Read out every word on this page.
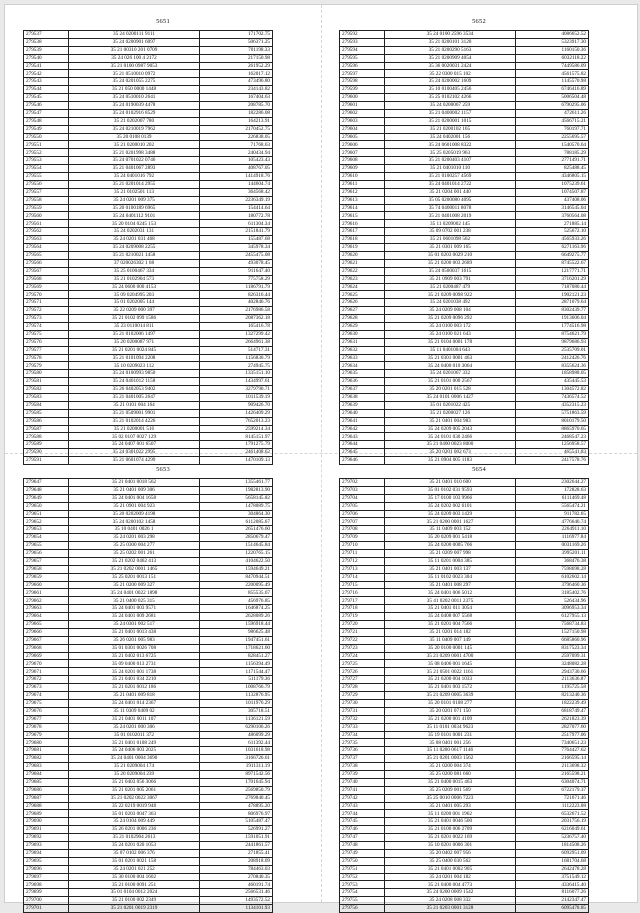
5651
279537	35 24 0200111 9111	171702.75
279538	35 24 0200901 6097	506371.25
279539	35 21 00310 201 0709	701198.33
279540	35 24 026 100 4 2172	217150.98
279541	35 21 0100 0987 9053	261952.29
279542	35 21 0510010 0972	162017.12
279543	35 24 0201055 2275	473496.80
279544	35 21 050 0000 1448	234143.82
279545	35 24 0510010 2641	167404.63
279546	35 24 0190039 4478	208785.70
279547	35 24 0102916 8529	182286.08
279548	35 21 0202007 780	164213.91
279549	35 24 0210019 7962	2170452.75
279550	35 20 0108 0139	226838.05
279551	35 21 0200010 202	71768.63
279552	35 21 0201998 3488	240434.94
279553	35 24 0701022 0746	105423.43
279554	35 21 0401067 2893	408767.05
279555	35 24 0401016 792	1414918.76
279556	35 21 0201014 2955	144604.74
279557	35 21 0102501 113	364568.42
279558	35 24 0201 009 375	2236349.19
279559	35 20 0100189 6965	154414.64
279560	35 24 0401112 9101	180772.78
279561	35 20 0104 0245 153	611304.34
279562	35 24 0202031 131	2151841.79
279563	35 24 0201 031 468	155487.68
279564	35 24 0209008 2255	345978.34
279565	35 21 0210021 1458	2455475.08
279566	37 020026302 1 68	493078.45
279567	35 25 0100467 334	911647.40
279568	35 21 0102904 573	775758.29
279569	35 24 0600 000 4153	1186791.79
279570	35 09 0204995 203	826316.44
279571	35 01 0202005 144	402846.76
279572	35 22 0209 000 397	2176986.58
279573	35 21 0102 099 1586	2087362.18
279574	35 23 0110014 811	165416.78
279575	35 21 0102006 1497	1327299.42
279576	35 20 0200087 971	2664961.38
279577	35 21 0201 0024 845	514717.31
279578	35 21 0101094 2208	1156830.79
279579	35 10 0209023 112	274945.75
279580	35 24 0100993 9850	1335151.10
279581	35 24 0401012 1158	1434997.61
279582	35 26 0402053 9402	3279790.71
279583	35 21 0401005 2647	1011539.19
279584	35 21 0101 004 164	909426.70
279585	35 21 0509001 9901	1426409.29
279586	35 21 0102014 4226	7652013.23
279587	35 21 0200001 516	2599214.34
279588	35 02 0107 0027 129	8145151.97
279589	35 24 0407 001 6507	1791275.79
279590	35 24 0301022 2995	2461408.62
279591	35 21 0601074 4299	1470109.13
5652
279592	35 24 0100 2596 3534	4086652.52
279593	35 21 0200101 3120	5323917.30
279594	35 21 0200290 5163	1160150.36
279595	35 21 0200909 4054	6032118.22
279596	35 36 0020031 2424	7449586.09
279597	35 22 0300 015 102	4561575.82
279598	35 24 0200002 1609	1145570.98
279599	35 10 0100405 2456	6746416.89
279600	35 25 0102102 4266	5006504.48
279601	35 24 0200067 259	6790295.06
279602	35 21 0400002 1157	472611.26
279603	35 21 0200001 1015	4566715.21
279604	35 21 0200102 165	760197.71
279605	35 24 0402001 156	2255695.57
279606	35 24 0601008 8322	1540570.64
279607	35 25 0205019 963	788185.29
279608	35 21 0200403 4107	2771491.71
279609	35 21 0401010 110	825488.45
279610	35 21 0100257 4569	4346805.15
279611	35 24 0401014 2722	1075239.61
279612	35 21 0204 001 440	1074507.87
279613	35 05 0200080 4095	437408.06
279614	35 74 0400011 8078	3146545.04
279615	35 21 0401008 2019	3760564.08
279616	35 11 0209002 145	271885.14
279617	35 09 0702 001 238	525672.10
279618	35 21 0601098 562	4565933.26
279619	35 21 0301 009 165	6271163.96
279620	35 01 0203 0029 210	6649275.77
279621	35 21 0200 003 2689	8745522.67
279622	35 24 0500037 1615	1217771.71
279623	35 21 0909 003 791	3716201.29
279624	35 21 0200487 479	7187080.44
279625	35 21 0209 0098 922	1902121.23
279626	35 24 0201038 492	2871079.64
279627	35 24 0209 008 104	8302439.77
279628	35 21 0209 0096 292	1913606.04
279629	35 24 0100 003 172	1774516.98
279630	35 24 0100 021 643	8754621.79
279631	35 21 0104 0001 178	9879686.93
279632	35 11 0401004 643	2535709.01
279633	35 21 0301 0001 463	2412426.76
279634	35 24 0400 010 3064	8355624.36
279635	35 24 0201067 332	1858988.05
279636	35 21 0101 000 2567	435445.53
279637	35 20 0201 015 528	1304572.82
279638	35 24 0101 0006 1427	7436574.52
279639	35 01 0201022 425	4352315.23
279640	35 21 0200027 126	5751863.59
279641	35 21 0401 004 983	8010179.50
279642	35 24 0209 005 2043	8865970.65
279643	35 24 0101 030 2466	2468547.23
279644	35 21 0400 0023 8000	1256958.57
279645	35 20 0201 002 673	465541.83
279646	35 21 0904 005 1183	2417578.76
5653
279647	35 21 0401 0018 562	1355461.77
279648	35 21 0401 009 306	1982813.90
279649	35 24 0401 004 1658	5658145.82
279650	35 21 0901 004 923	1478089.75
279651	35 20 0202009 4198	304864.30
279652	35 24 0200102 1458	6112085.67
279653	35 10 0401 0026 1	2651476.60
279654	35 24 0201 003 298	2850679.47
279655	35 25 0300 004 277	1514645.84
279656	35 25 0202 001 261	1220765.15
279657	35 21 0202 0462 413	4104622.50
279658	35 21 0202 0001 1465	1594649.21
279659	35 25 0201 0013 151	8470944.51
279660	35 21 0200 009 327	2200095.49
279661	35 24 0401 0022 1898	855535.67
279662	35 21 0400 025 315	456976.85
279663	35 24 0401 003 9571	1646874.25
279664	35 24 0401 009 2681	2628089.26
279665	35 24 0301 002 517	1596918.44
279666	35 21 0401 0013 438	986625.48
279667	35 26 0201 005 983	1947451.61
279668	35 01 0301 0026 708	1718621.60
279669	35 21 0402 013 6725	828451.27
279670	35 09 0400 013 2731	1156394.49
279671	35 24 0201 001 1738	1171544.47
279672	35 21 0401 034 2210	511179.36
279673	35 21 0201 0012 186	1008766.79
279674	35 21 0401 009 818	1132876.95
279675	35 24 0401 014 2367	1011976.29
279676	35 11 0309 0409 02	305718.51
279677	35 21 0401 0011 107	1136121.59
279678	35 24 0201 000 306	6290106.26
279679	35 01 0102011 372	486099.29
279680	35 21 0401 0108 249	611392.44
279681	35 24 0406 003 2025	1031618.98
279682	35 24 0401 0004 3690	3166726.61
279683	35 21 0209004 174	1911311.19
279684	35 20 0209004 239	8971542.56
279685	35 21 0403 056 3066	1701645.94
279686	35 21 0201 005 2061	2569850.79
279687	35 21 0202 0022 3067	2769840.45
279688	35 22 0219 0019 948	478895.20
279689	35 01 0203 0047 363	806976.97
279690	35 24 0104 009 449	5105487.47
279691	35 26 0201 0006 236	526991.27
279692	35 21 0102904 2613	1591051.91
279693	35 24 0201 020 1053	2441861.57
279694	35 07 0102 006 376	271855.41
279695	35 01 0201 0021 158	208918.09
279696	35 24 0201 021 252	784463.03
279697	35 30 0100 004 1602	270840.35
279698	35 21 0100 0091 251	460191.74
279699	35 01 0104 0012 2024	2566531.46
279700	35 21 0100 002 2349	1493572.52
279701	35 21 0201 0019 2319	1134101.93
5654
279702	35 21 0401 010 600	2302644.27
279703	35 01 0102 031 9593	172828.63
279704	35 17 0100 103 9966	6111469.48
279705	35 24 0202 002 6101	5565474.21
279706	35 24 0209 003 1429	911782.65
279707	35 21 0200 0001 1627	4776646.74
279708	35 11 0409 003 152	2264911.10
279709	35 20 0209 001 5418	1116977.84
279710	35 24 0200 0005 766	0031169.26
279711	35 21 0209 007 998	3995201.11
279712	35 11 0201 0004 385	368476.38
279713	35 21 0401 003 137	7598698.28
279714	35 11 0102 0023 304	6102602.14
279715	35 21 0401 008 297	3796460.36
279716	35 24 0401 006 5012	3185402.76
279717	35 41 0202 0011 2375	526434.96
279718	35 21 0401 011 3054	3096953.34
279719	35 24 0408 007 5568	6127955.13
279720	35 21 0201 004 7566	7568734.83
279721	35 21 0201 014 182	1527150.98
279722	35 11 0409 007 149	6685860.96
279723	35 20 0100 0001 145	8317523.34
279724	35 21 0209 0001 4700	2597099.31
279725	35 08 0406 001 1645	3248082.28
279726	35 21 0501 0022 1161	2943730.66
279727	35 21 0200 004 1033	2113636.87
279728	35 21 0401 003 1572	1195725.58
279729	35 21 0209 0005 3639	8213240.36
279730	35 20 0101 0108 277	1822239.49
279731	35 20 0201 071 150	6818749.47
279732	35 21 0200 001 4109	2621823.39
279733	35 11 0101 0034 9623	2827077.60
279734	35 19 0101 0001 231	2517977.06
279735	35 08 0401 001 256	7340651.23
279736	35 11 0200 0617 1146	7764427.62
279737	35 21 0201 0003 1562	2166595.14
279738	35 21 0200 004 374	2113698.32
279739	35 25 0200 081 660	2165598.21
279740	35 21 0400 0015 463	6304074.71
279741	35 25 0209 001 569	6722179.37
279742	35 25 0010 0006 7223	721671.46
279743	35 21 0401 005 293	1112223.08
279744	35 11 0200 001 1962	6532671.52
279745	35 21 0401 0046 500	2031756.19
279746	35 21 0100 006 2709	6216049.61
279747	35 21 0201 0022 169	5236757.40
279748	35 10 0201 0006 301	1814508.26
279749	35 20 0402 007 956	6092951.09
279750	35 25 0400 030 562	1681704.68
279751	35 21 0401 0002 905	2642478.28
279752	35 24 0201 004 182	3751549.12
279753	35 21 0400 004 4773	4336415.40
279754	35 24 0200 0009 1542	8116077.26
279755	35 24 0208 008 332	2142347.47
279756	35 21 0203 0001 3128	6095478.85
